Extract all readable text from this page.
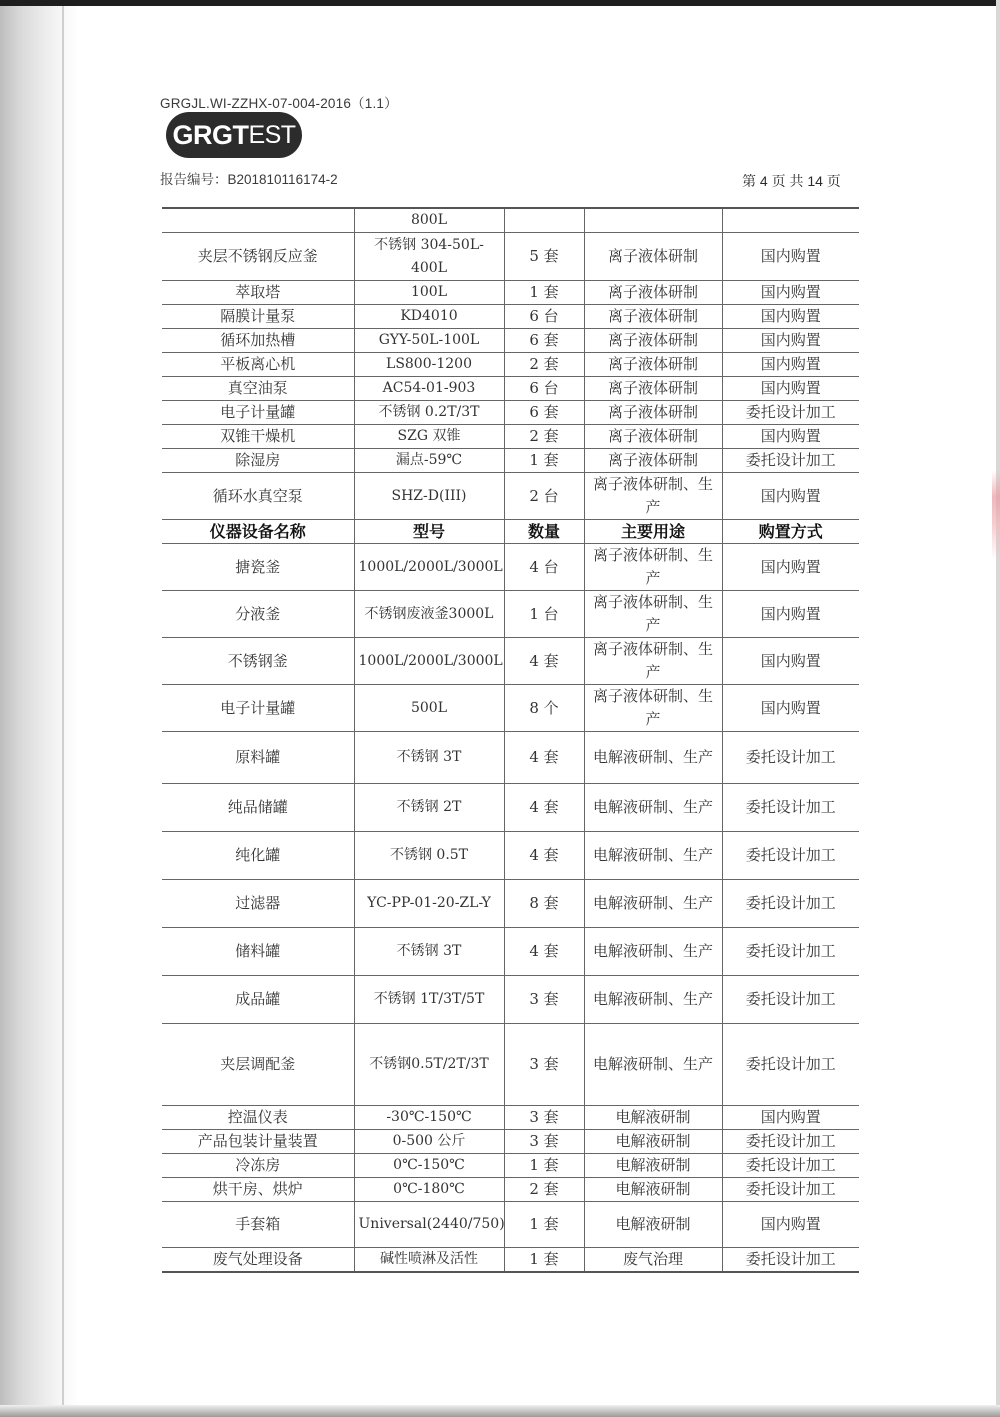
GRGJL.WI-ZZHX-07-004-2016（1.1）
GRGT EST
报告编号：B201810116174-2	第 4 页 共 14 页
	800L			
夹层不锈钢反应釜	不锈钢 304-50L-400L	5 套	离子液体研制	国内购置
萃取塔	100L	1 套	离子液体研制	国内购置
隔膜计量泵	KD4010	6 台	离子液体研制	国内购置
循环加热槽	GYY-50L-100L	6 套	离子液体研制	国内购置
平板离心机	LS800-1200	2 套	离子液体研制	国内购置
真空油泵	AC54-01-903	6 台	离子液体研制	国内购置
电子计量罐	不锈钢 0.2T/3T	6 套	离子液体研制	委托设计加工
双锥干燥机	SZG 双锥	2 套	离子液体研制	国内购置
除湿房	漏点-59℃	1 套	离子液体研制	委托设计加工
循环水真空泵	SHZ-D(III)	2 台	离子液体研制、生产	国内购置
仪器设备名称	型号	数量	主要用途	购置方式
搪瓷釜	1000L/2000L/3000L	4 台	离子液体研制、生产	国内购置
分液釜	不锈钢废液釜3000L	1 台	离子液体研制、生产	国内购置
不锈钢釜	1000L/2000L/3000L	4 套	离子液体研制、生产	国内购置
电子计量罐	500L	8 个	离子液体研制、生产	国内购置
原料罐	不锈钢 3T	4 套	电解液研制、生产	委托设计加工
纯品储罐	不锈钢 2T	4 套	电解液研制、生产	委托设计加工
纯化罐	不锈钢 0.5T	4 套	电解液研制、生产	委托设计加工
过滤器	YC-PP-01-20-ZL-Y	8 套	电解液研制、生产	委托设计加工
储料罐	不锈钢 3T	4 套	电解液研制、生产	委托设计加工
成品罐	不锈钢 1T/3T/5T	3 套	电解液研制、生产	委托设计加工
夹层调配釜	不锈钢0.5T/2T/3T	3 套	电解液研制、生产	委托设计加工
控温仪表	-30℃-150℃	3 套	电解液研制	国内购置
产品包装计量装置	0-500 公斤	3 套	电解液研制	委托设计加工
冷冻房	0℃-150℃	1 套	电解液研制	委托设计加工
烘干房、烘炉	0℃-180℃	2 套	电解液研制	委托设计加工
手套箱	Universal(2440/750)	1 套	电解液研制	国内购置
废气处理设备	碱性喷淋及活性	1 套	废气治理	委托设计加工
